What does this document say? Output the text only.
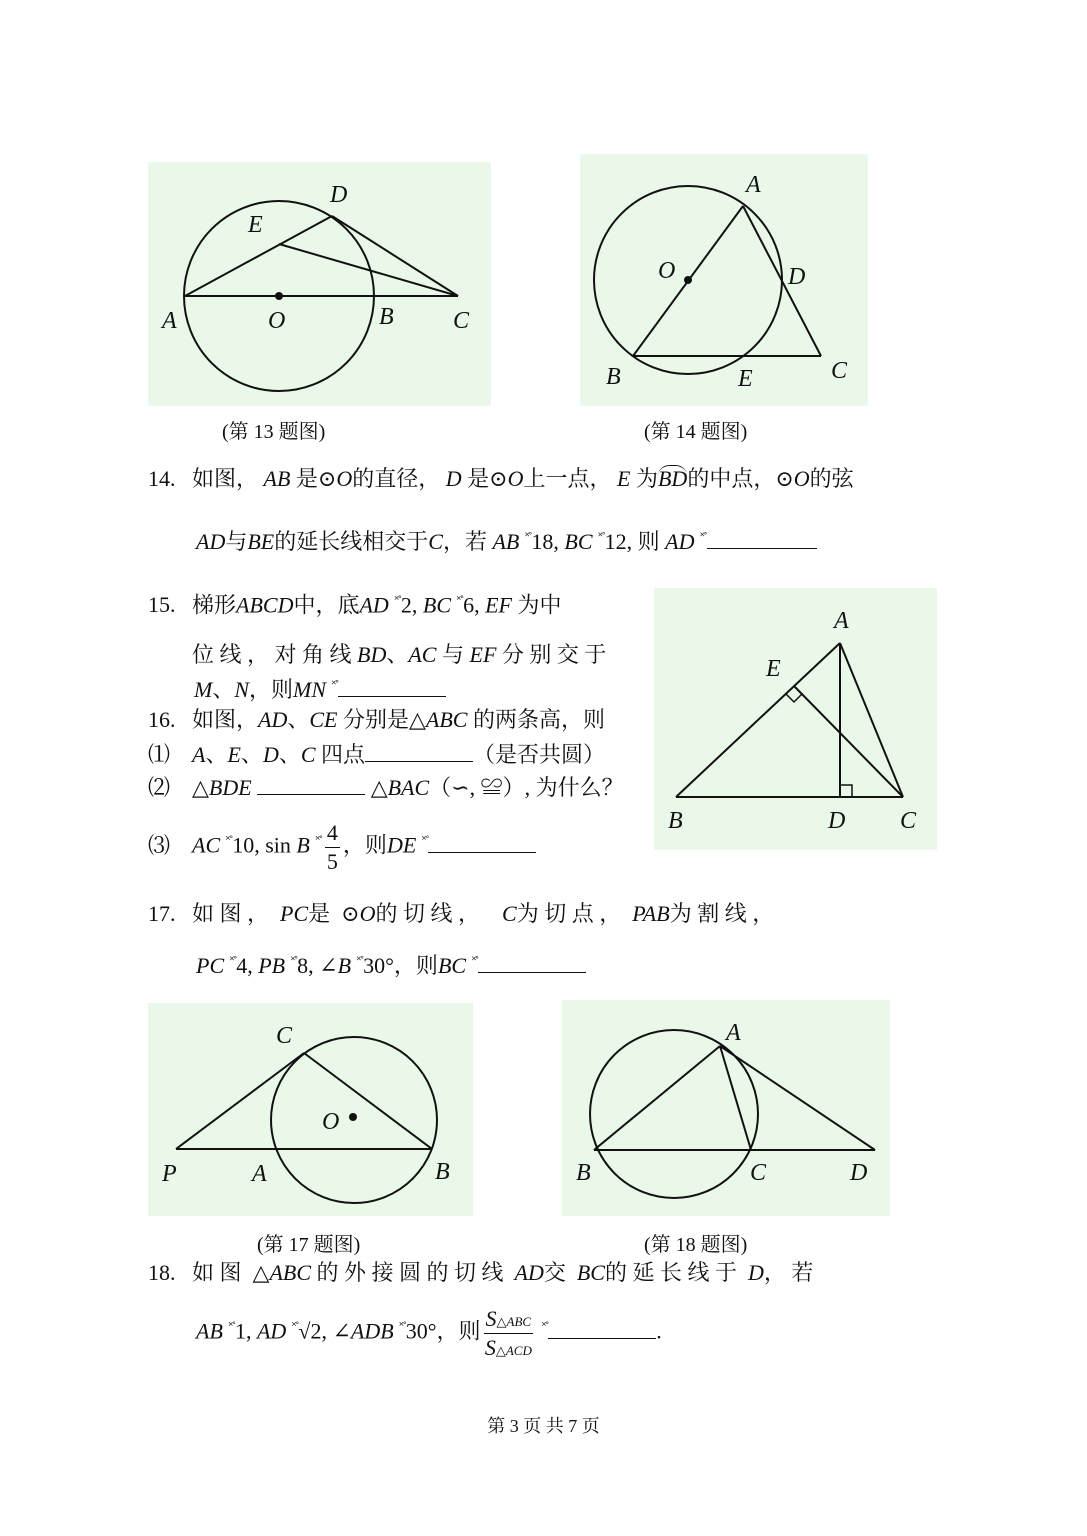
A	O	B C
D
E
(第 13 题图)
A
O	D
B	E	C
(第 14 题图)
14. 如图， AB 是⊙O的直径， D 是⊙O上一点， E 为BD的中点，⊙O的弦
AD与BE的延长线相交于C，若 AB ˟˚18, BC ˟˚12, 则 AD ˟˚
15. 梯形ABCD中，底AD ˟˚2, BC ˟˚6, EF 为中
位 线 ， 对 角 线 BD、AC 与 EF 分 别 交 于
M、N，则MN ˟˚
A
E
B	D C
16. 如图，AD、CE 分别是△ABC 的两条高，则
⑴ A、E、D、C 四点	（是否共圆）
⑵ △BDE	△BAC（∽, ≌）, 为什么？
⑶ AC ˟˚10, sin B $^{˟˚} \frac{4}{5}$ ，则DE ˟˚
17. 如 图 ， PC是 ⊙O的 切 线 ， C为 切 点 ， PAB为 割 线 ，
PC ˟˚4, PB ˟˚8, ∠B ˟˚30°，则BC ˟˚
C
O
P	A	B
(第 17 题图)
A
B	C	D
(第 18 题图)
18. 如 图 △ABC 的 外 接 圆 的 切 线 AD交 BC的 延 长 线 于 D， 若
AB ˟˚1, AD ˟˚√2, ∠ADB ˟˚30°，则 $\frac{\text{S△ABC}}{\text{S△ACD}} ^{˟˚}$	.
第 3 页 共 7 页
